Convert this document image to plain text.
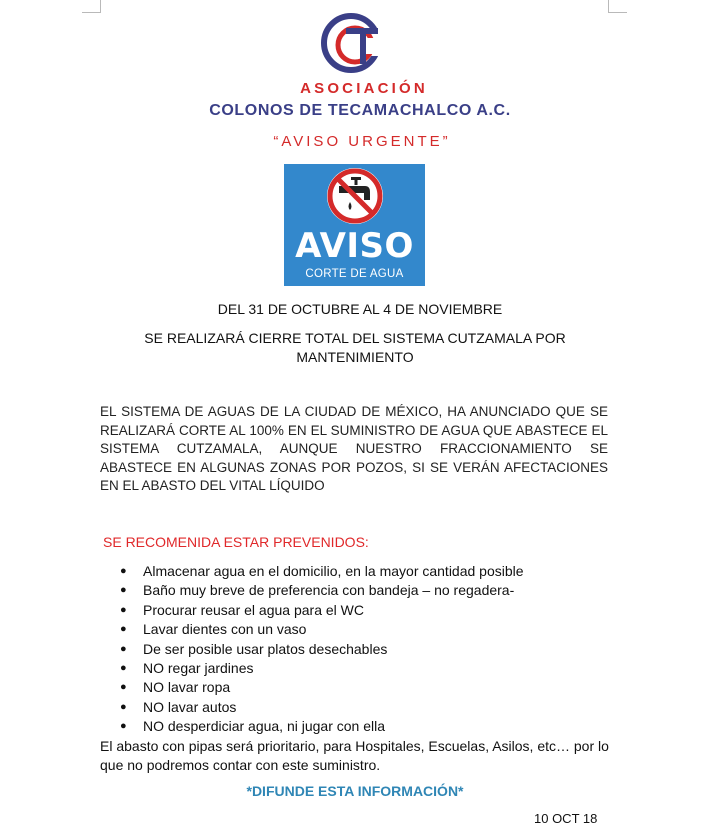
ASOCIACIÓN
COLONOS DE TECAMACHALCO A.C.
“AVISO URGENTE”
AVISO
CORTE DE AGUA
DEL 31 DE OCTUBRE AL 4 DE NOVIEMBRE
SE REALIZARÁ CIERRE TOTAL DEL SISTEMA CUTZAMALA POR MANTENIMIENTO
EL SISTEMA DE AGUAS DE LA CIUDAD DE MÉXICO, HA ANUNCIADO QUE SE REALIZARÁ CORTE AL 100% EN EL SUMINISTRO DE AGUA QUE ABASTECE EL SISTEMA CUTZAMALA, AUNQUE NUESTRO FRACCIONAMIENTO SE ABASTECE EN ALGUNAS ZONAS POR POZOS, SI SE VERÁN AFECTACIONES EN EL ABASTO DEL VITAL LÍQUIDO
SE RECOMENIDA ESTAR PREVENIDOS:
● Almacenar agua en el domicilio, en la mayor cantidad posible
● Baño muy breve de preferencia con bandeja – no regadera-
● Procurar reusar el agua para el WC
● Lavar dientes con un vaso
● De ser posible usar platos desechables
● NO regar jardines
● NO lavar ropa
● NO lavar autos
● NO desperdiciar agua, ni jugar con ella
El abasto con pipas será prioritario, para Hospitales, Escuelas, Asilos, etc… por lo que no podremos contar con este suministro.
*DIFUNDE ESTA INFORMACIÓN*
10 OCT 18
